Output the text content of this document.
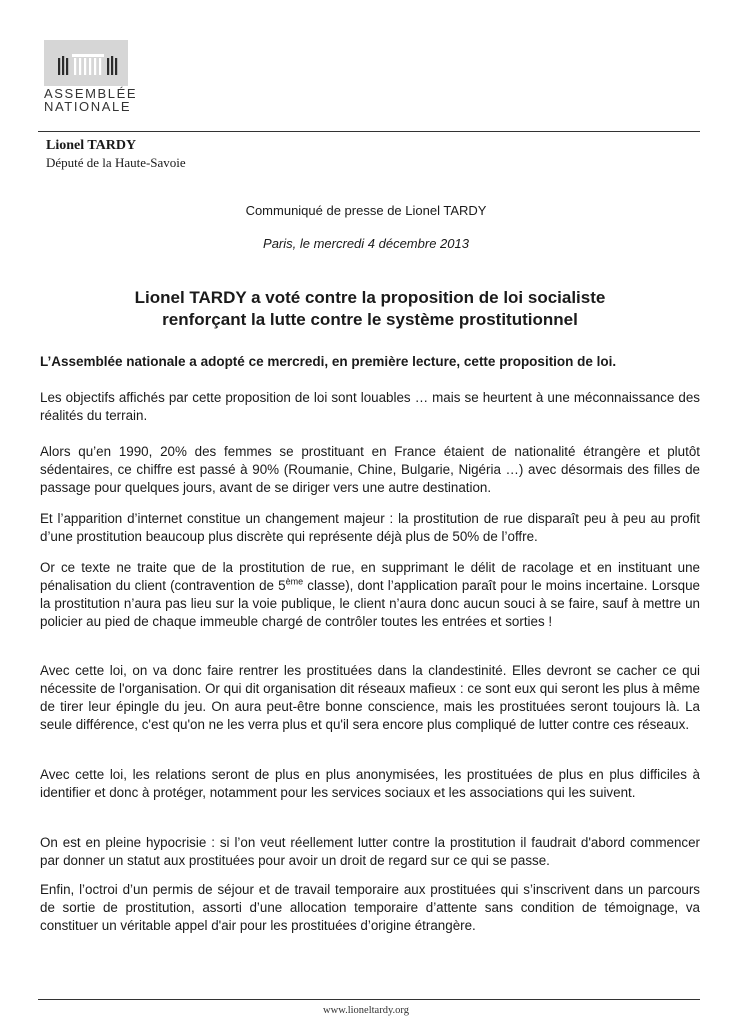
ASSEMBLÉE
NATIONALE
Lionel TARDY
Député de la Haute-Savoie
Communiqué de presse de Lionel TARDY
Paris, le mercredi 4 décembre 2013
Lionel TARDY a voté contre la proposition de loi socialiste
renforçant la lutte contre le système prostitutionnel
L’Assemblée nationale a adopté ce mercredi, en première lecture, cette proposition de loi.

Les objectifs affichés par cette proposition de loi sont louables … mais se heurtent à une méconnaissance des réalités du terrain.

Alors qu’en 1990, 20% des femmes se prostituant en France étaient de nationalité étrangère et plutôt sédentaires, ce chiffre est passé à 90% (Roumanie, Chine, Bulgarie, Nigéria …) avec désormais des filles de passage pour quelques jours, avant de se diriger vers une autre destination.

Et l’apparition d’internet constitue un changement majeur : la prostitution de rue disparaît peu à peu au profit d’une prostitution beaucoup plus discrète qui représente déjà plus de 50% de l’offre.

Or ce texte ne traite que de la prostitution de rue, en supprimant le délit de racolage et en instituant une pénalisation du client (contravention de 5ème classe), dont l’application paraît pour le moins incertaine. Lorsque la prostitution n’aura pas lieu sur la voie publique, le client n’aura donc aucun souci à se faire, sauf à mettre un policier au pied de chaque immeuble chargé de contrôler toutes les entrées et sorties !

Avec cette loi, on va donc faire rentrer les prostituées dans la clandestinité. Elles devront se cacher ce qui nécessite de l'organisation. Or qui dit organisation dit réseaux mafieux : ce sont eux qui seront les plus à même de tirer leur épingle du jeu. On aura peut-être bonne conscience, mais les prostituées seront toujours là. La seule différence, c'est qu'on ne les verra plus et qu'il sera encore plus compliqué de lutter contre ces réseaux.

Avec cette loi, les relations seront de plus en plus anonymisées, les prostituées de plus en plus difficiles à identifier et donc à protéger, notamment pour les services sociaux et les associations qui les suivent.

On est en pleine hypocrisie : si l’on veut réellement lutter contre la prostitution il faudrait d'abord commencer par donner un statut aux prostituées pour avoir un droit de regard sur ce qui se passe.

Enfin, l’octroi d’un permis de séjour et de travail temporaire aux prostituées qui s’inscrivent dans un parcours de sortie de prostitution, assorti d’une allocation temporaire d’attente sans condition de témoignage, va constituer un véritable appel d'air pour les prostituées d’origine étrangère.

www.lioneltardy.org
